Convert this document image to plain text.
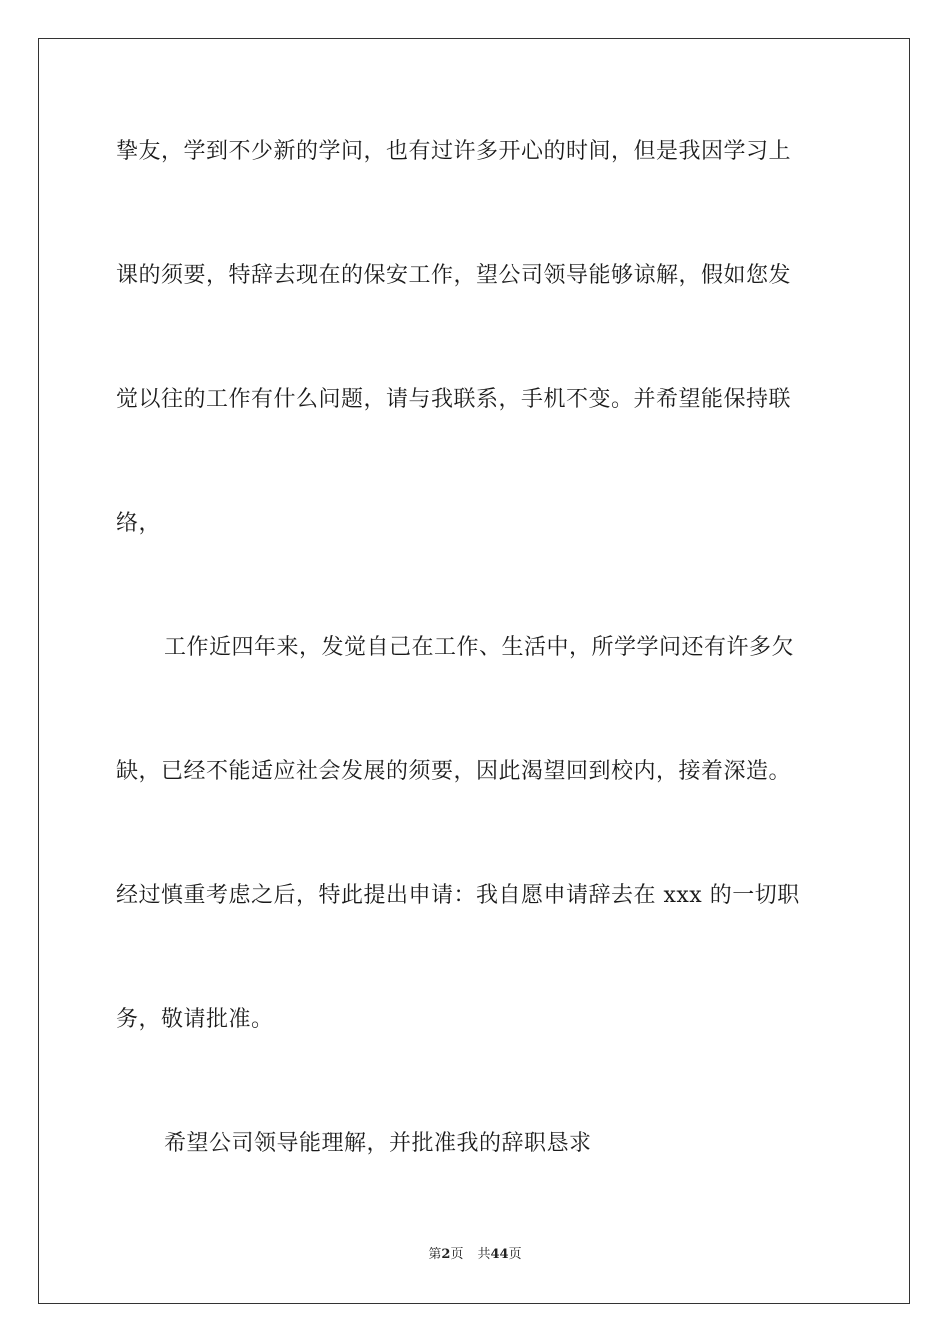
挚友，学到不少新的学问，也有过许多开心的时间，但是我因学习上
课的须要，特辞去现在的保安工作，望公司领导能够谅解，假如您发
觉以往的工作有什么问题，请与我联系，手机不变。并希望能保持联
络，
工作近四年来，发觉自己在工作、生活中，所学学问还有许多欠
缺，已经不能适应社会发展的须要，因此渴望回到校内，接着深造。
经过慎重考虑之后，特此提出申请：我自愿申请辞去在 xxx 的一切职
务，敬请批准。
希望公司领导能理解，并批准我的辞职恳求
第2页 共44页
